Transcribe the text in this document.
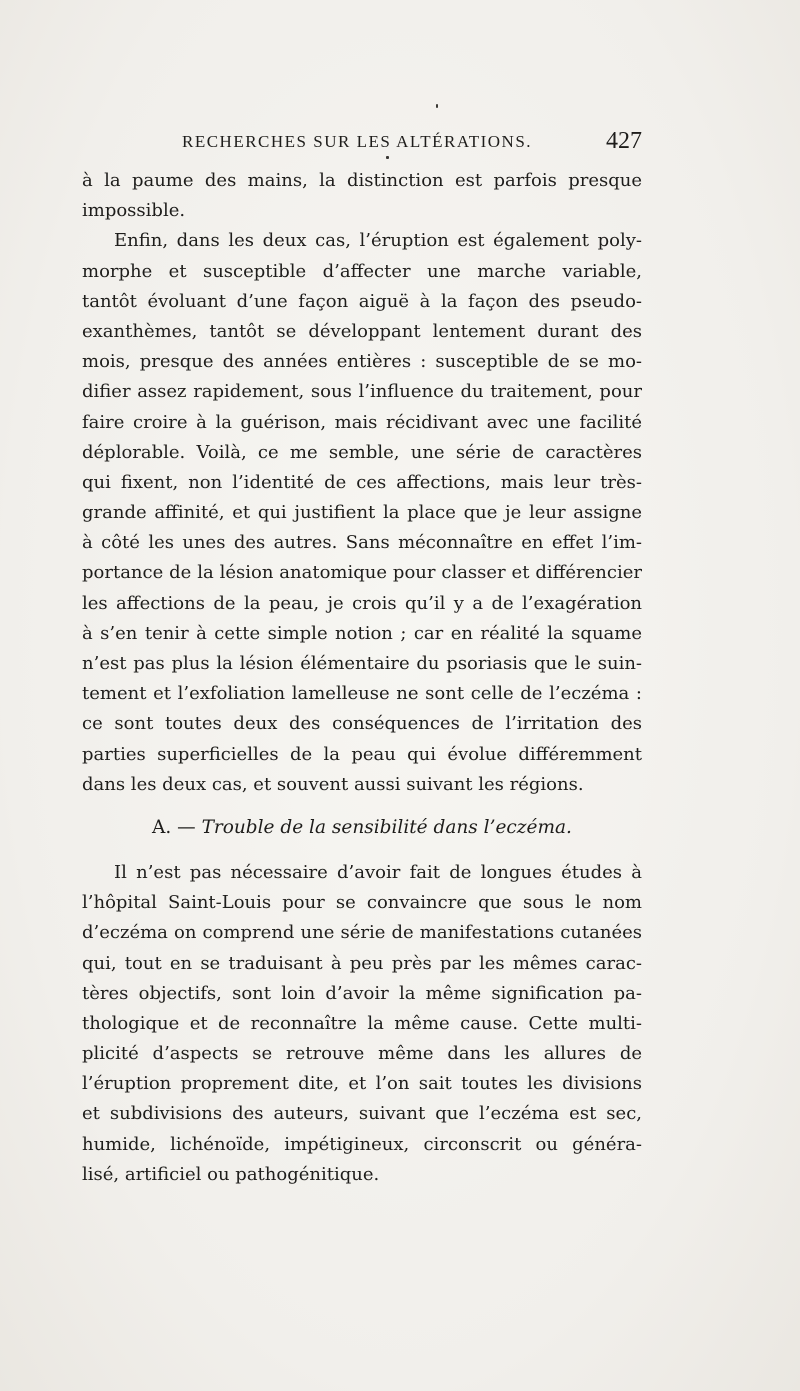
RECHERCHES SUR LES ALTÉRATIONS.	427
à la paume des mains, la distinction est parfois presque
impossible.
Enfin, dans les deux cas, l’éruption est également poly-
morphe et susceptible d’affecter une marche variable,
tantôt évoluant d’une façon aiguë à la façon des pseudo-
exanthèmes, tantôt se développant lentement durant des
mois, presque des années entières : susceptible de se mo-
difier assez rapidement, sous l’influence du traitement, pour
faire croire à la guérison, mais récidivant avec une facilité
déplorable. Voilà, ce me semble, une série de caractères
qui fixent, non l’identité de ces affections, mais leur très-
grande affinité, et qui justifient la place que je leur assigne
à côté les unes des autres. Sans méconnaître en effet l’im-
portance de la lésion anatomique pour classer et différencier
les affections de la peau, je crois qu’il y a de l’exagération
à s’en tenir à cette simple notion ; car en réalité la squame
n’est pas plus la lésion élémentaire du psoriasis que le suin-
tement et l’exfoliation lamelleuse ne sont celle de l’eczéma :
ce sont toutes deux des conséquences de l’irritation des
parties superficielles de la peau qui évolue différemment
dans les deux cas, et souvent aussi suivant les régions.
A. — Trouble de la sensibilité dans l’eczéma.
Il n’est pas nécessaire d’avoir fait de longues études à
l’hôpital Saint-Louis pour se convaincre que sous le nom
d’eczéma on comprend une série de manifestations cutanées
qui, tout en se traduisant à peu près par les mêmes carac-
tères objectifs, sont loin d’avoir la même signification pa-
thologique et de reconnaître la même cause. Cette multi-
plicité d’aspects se retrouve même dans les allures de
l’éruption proprement dite, et l’on sait toutes les divisions
et subdivisions des auteurs, suivant que l’eczéma est sec,
humide, lichénoïde, impétigineux, circonscrit ou généra-
lisé, artificiel ou pathogénitique.
